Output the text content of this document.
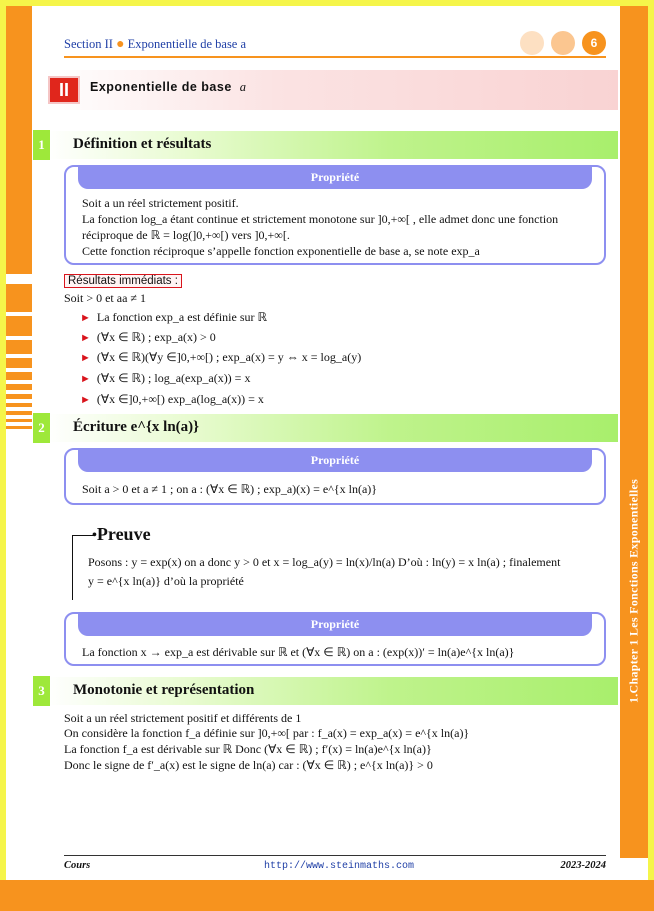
1.Chapter 1 Les Fonctions Exponentielles
Section II ● Exponentielle de base a	6
II	Exponentielle de base a
1	Définition et résultats
Propriété
Soit a un réel strictement positif.
La fonction log_a étant continue et strictement monotone sur ]0,+∞[ , elle admet donc une fonction
réciproque de ℝ = log(]0,+∞[) vers ]0,+∞[.
Cette fonction réciproque s’appelle fonction exponentielle de base a, se note exp_a
Résultats immédiats :
Soit > 0 et aa ≠ 1
► La fonction exp_a est définie sur ℝ
► (∀x ∈ ℝ) ; exp_a(x) > 0
► (∀x ∈ ℝ)(∀y ∈]0,+∞[) ; exp_a(x) = y ⇔ x = log_a(y)
► (∀x ∈ ℝ) ; log_a(exp_a(x)) = x
► (∀x ∈]0,+∞[) exp_a(log_a(x)) = x
2	Écriture e^{x ln(a)}
Propriété
Soit a > 0 et a ≠ 1 ; on a : (∀x ∈ ℝ) ; exp_a)(x) = e^{x ln(a)}
•Preuve
Posons : y = exp(x) on a donc y > 0 et x = log_a(y) = ln(x)/ln(a) D’où : ln(y) = x ln(a) ; finalement
y = e^{x ln(a)} d’où la propriété
Propriété
La fonction x → exp_a est dérivable sur ℝ et (∀x ∈ ℝ) on a : (exp(x))′ = ln(a)e^{x ln(a)}
3	Monotonie et représentation
Soit a un réel strictement positif et différents de 1
On considère la fonction f_a définie sur ]0,+∞[ par : f_a(x) = exp_a(x) = e^{x ln(a)}
La fonction f_a est dérivable sur ℝ Donc (∀x ∈ ℝ) ; f′(x) = ln(a)e^{x ln(a)}
Donc le signe de f′_a(x) est le signe de ln(a) car : (∀x ∈ ℝ) ; e^{x ln(a)} > 0
Cours	http://www.steinmaths.com	2023-2024
